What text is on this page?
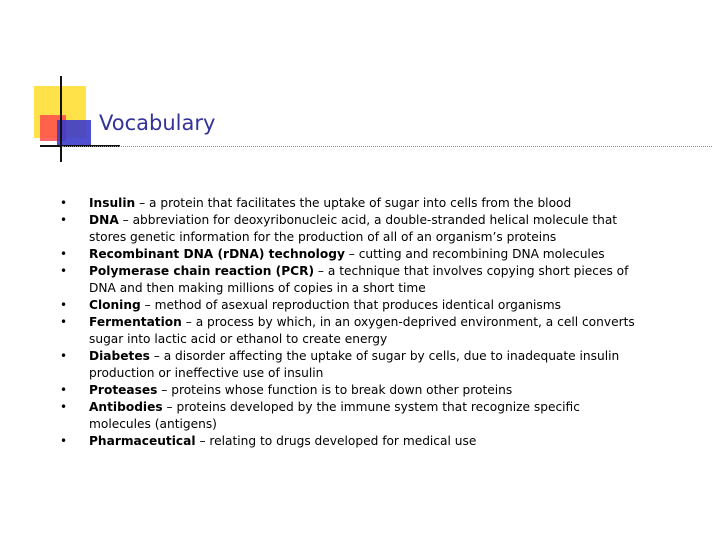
Vocabulary
• Insulin – a protein that facilitates the uptake of sugar into cells from the blood
• DNA – abbreviation for deoxyribonucleic acid, a double-stranded helical molecule that
stores genetic information for the production of all of an organism’s proteins
• Recombinant DNA (rDNA) technology – cutting and recombining DNA molecules
• Polymerase chain reaction (PCR) – a technique that involves copying short pieces of
DNA and then making millions of copies in a short time
• Cloning – method of asexual reproduction that produces identical organisms
• Fermentation – a process by which, in an oxygen-deprived environment, a cell converts
sugar into lactic acid or ethanol to create energy
• Diabetes – a disorder affecting the uptake of sugar by cells, due to inadequate insulin
production or ineffective use of insulin
• Proteases – proteins whose function is to break down other proteins
• Antibodies – proteins developed by the immune system that recognize specific
molecules (antigens)
• Pharmaceutical – relating to drugs developed for medical use
